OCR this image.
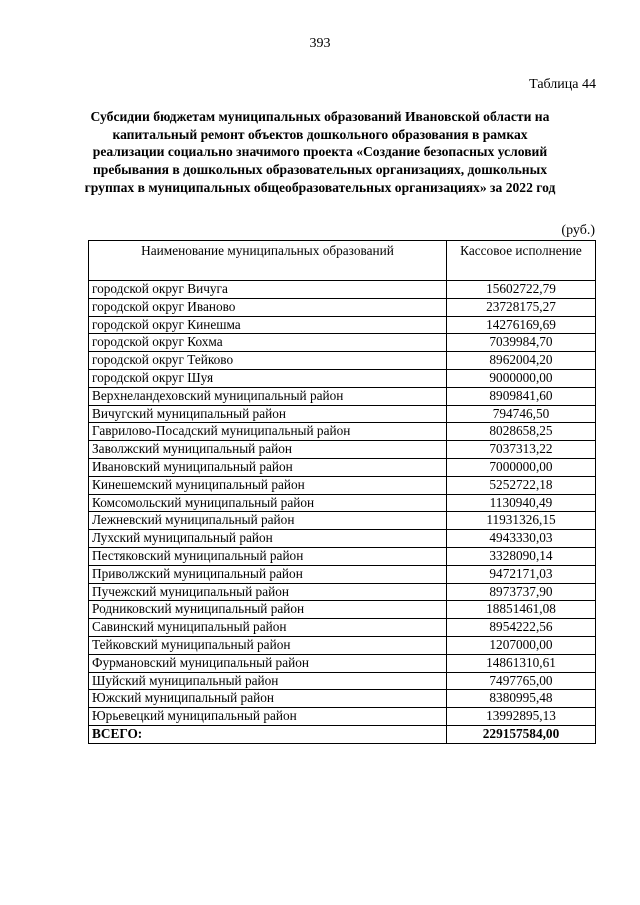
393
Таблица 44
Субсидии бюджетам муниципальных образований Ивановской области на капитальный ремонт объектов дошкольного образования в рамках реализации социально значимого проекта «Создание безопасных условий пребывания в дошкольных образовательных организациях, дошкольных группах в муниципальных общеобразовательных организациях» за 2022 год
(руб.)
Наименование муниципальных образований	Кассовое исполнение
городской округ Вичуга	15602722,79
городской округ Иваново	23728175,27
городской округ Кинешма	14276169,69
городской округ Кохма	7039984,70
городской округ Тейково	8962004,20
городской округ Шуя	9000000,00
Верхнеландеховский муниципальный район	8909841,60
Вичугский муниципальный район	794746,50
Гаврилово-Посадский муниципальный район	8028658,25
Заволжский муниципальный район	7037313,22
Ивановский муниципальный район	7000000,00
Кинешемский муниципальный район	5252722,18
Комсомольский муниципальный район	1130940,49
Лежневский муниципальный район	11931326,15
Лухский муниципальный район	4943330,03
Пестяковский муниципальный район	3328090,14
Приволжский муниципальный район	9472171,03
Пучежский муниципальный район	8973737,90
Родниковский муниципальный район	18851461,08
Савинский муниципальный район	8954222,56
Тейковский муниципальный район	1207000,00
Фурмановский муниципальный район	14861310,61
Шуйский муниципальный район	7497765,00
Южский муниципальный район	8380995,48
Юрьевецкий муниципальный район	13992895,13
ВСЕГО:	229157584,00
